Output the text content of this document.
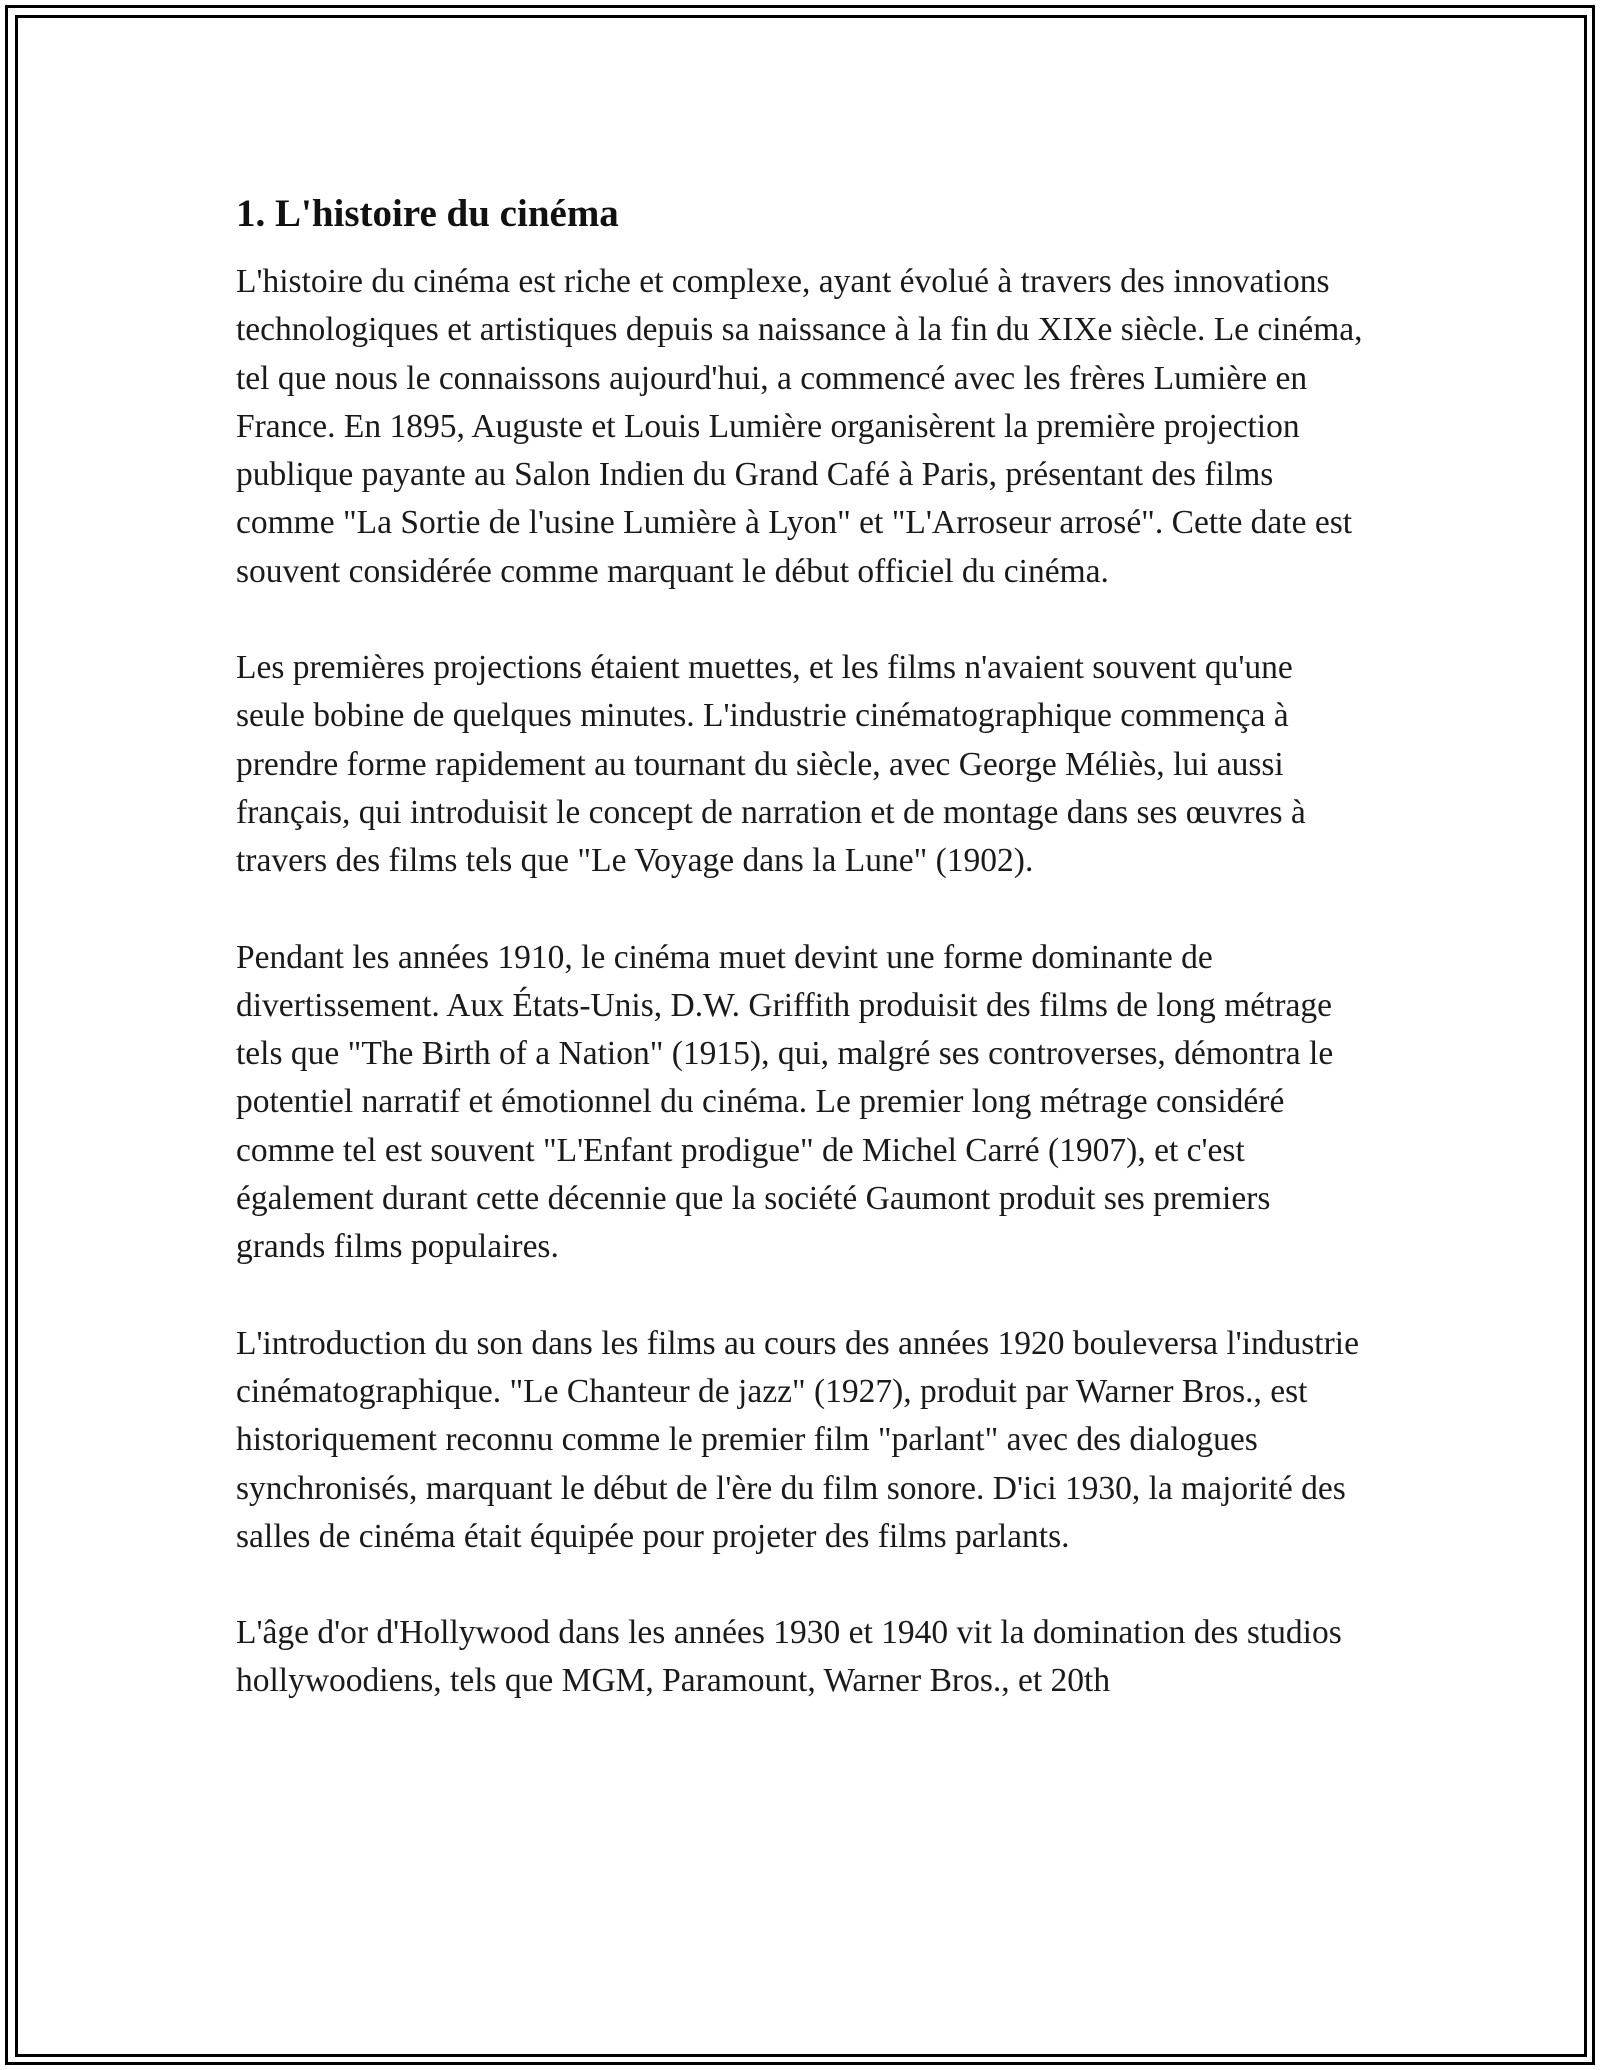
1. L'histoire du cinéma

L'histoire du cinéma est riche et complexe, ayant évolué à travers des innovations technologiques et artistiques depuis sa naissance à la fin du XIXe siècle. Le cinéma, tel que nous le connaissons aujourd'hui, a commencé avec les frères Lumière en France. En 1895, Auguste et Louis Lumière organisèrent la première projection publique payante au Salon Indien du Grand Café à Paris, présentant des films comme "La Sortie de l'usine Lumière à Lyon" et "L'Arroseur arrosé". Cette date est souvent considérée comme marquant le début officiel du cinéma.

Les premières projections étaient muettes, et les films n'avaient souvent qu'une seule bobine de quelques minutes. L'industrie cinématographique commença à prendre forme rapidement au tournant du siècle, avec George Méliès, lui aussi français, qui introduisit le concept de narration et de montage dans ses œuvres à travers des films tels que "Le Voyage dans la Lune" (1902).

Pendant les années 1910, le cinéma muet devint une forme dominante de divertissement. Aux États-Unis, D.W. Griffith produisit des films de long métrage tels que "The Birth of a Nation" (1915), qui, malgré ses controverses, démontra le potentiel narratif et émotionnel du cinéma. Le premier long métrage considéré comme tel est souvent "L'Enfant prodigue" de Michel Carré (1907), et c'est également durant cette décennie que la société Gaumont produit ses premiers grands films populaires.

L'introduction du son dans les films au cours des années 1920 bouleversa l'industrie cinématographique. "Le Chanteur de jazz" (1927), produit par Warner Bros., est historiquement reconnu comme le premier film "parlant" avec des dialogues synchronisés, marquant le début de l'ère du film sonore. D'ici 1930, la majorité des salles de cinéma était équipée pour projeter des films parlants.

L'âge d'or d'Hollywood dans les années 1930 et 1940 vit la domination des studios hollywoodiens, tels que MGM, Paramount, Warner Bros., et 20th
